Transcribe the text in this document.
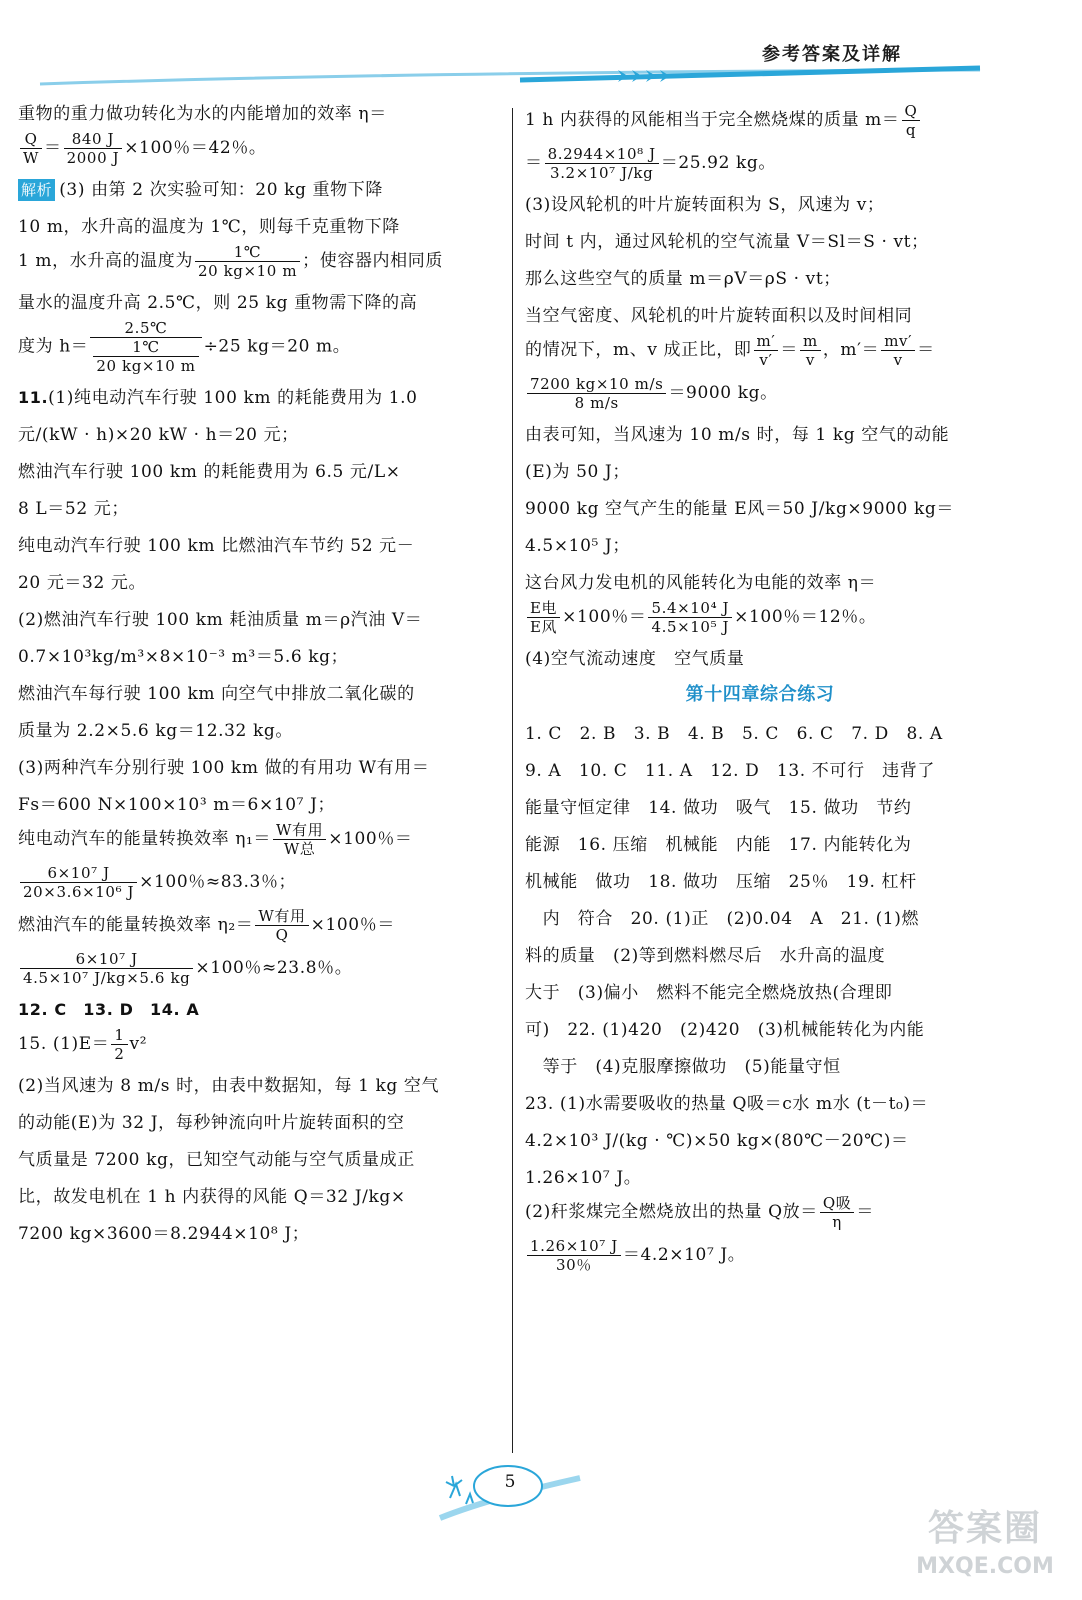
参考答案及详解

重物的重力做功转化为水的内能增加的效率 η＝

$\frac{Q}{W} = \frac{840 J}{2000 J} \times 100$％＝42％。

解析 (3) 由第 2 次实验可知：20 kg 重物下降

10 m，水升高的温度为 1℃，则每千克重物下降

1 m，水升高的温度为 $\frac{1℃}{20 kg\times 10 m}$ ；使容器内相同质

量水的温度升高 2.5℃，则 25 kg 重物需下降的高

度为 $h= \frac{2.5℃}{\frac{1℃}{20 kg\times 10 m}} \div 25$ kg＝20 m。

11.(1)纯电动汽车行驶 100 km 的耗能费用为 1.0

元/(kW · h)×20 kW · h＝20 元；

燃油汽车行驶 100 km 的耗能费用为 6.5 元/L×

8 L＝52 元；

纯电动汽车行驶 100 km 比燃油汽车节约 52 元－

20 元＝32 元。

(2)燃油汽车行驶 100 km 耗油质量 m＝ρ汽油 V＝

0.7×10³kg/m³×8×10⁻³ m³＝5.6 kg；

燃油汽车每行驶 100 km 向空气中排放二氧化碳的

质量为 2.2×5.6 kg＝12.32 kg。

(3)两种汽车分别行驶 100 km 做的有用功 W有用＝

Fs＝600 N×100×10³ m＝6×10⁷ J；

纯电动汽车的能量转换效率 $\eta_1= \frac{\text{W有用}}{\text{W总}} \times 100$％＝

$\frac{\text{6×10⁷ J}}{\text{20×3.6×10⁶ J}} \times 100$％≈83.3％；

燃油汽车的能量转换效率 $\eta_2= \frac{\text{W有用}}{Q} \times 100$％＝

$\frac{\text{6×10⁷ J}}{\text{4.5×10⁷ J/kg×5.6 kg}} \times 100$％≈23.8％。

12. C　13. D　14. A

15. $(1)E= \frac{1}{2} v^2$

(2)当风速为 8 m/s 时，由表中数据知，每 1 kg 空气

的动能(E)为 32 J，每秒钟流向叶片旋转面积的空

气质量是 7200 kg，已知空气动能与空气质量成正

比，故发电机在 1 h 内获得的风能 Q＝32 J/kg×

7200 kg×3600＝8.2944×10⁸ J；

1 h 内获得的风能相当于完全燃烧煤的质量 $m= \frac{Q}{q}$

＝ $\frac{\text{8.2944×10⁸ J}}{\text{3.2×10⁷ J/kg}} =25.92$ kg。

(3)设风轮机的叶片旋转面积为 S，风速为 v；

时间 t 内，通过风轮机的空气流量 V＝Sl＝S · vt；

那么这些空气的质量 m＝ρV＝ρS · vt；

当空气密度、风轮机的叶片旋转面积以及时间相同

的情况下，m、v 成正比，即 $\frac{m'}{v'} = \frac{m}{v}$ ，$m'= \frac{mv'}{v}$ ＝

$\frac{7200 kg\times 10 m/s}{8 m/s} =9000$ kg。

由表可知，当风速为 10 m/s 时，每 1 kg 空气的动能

(E)为 50 J；

9000 kg 空气产生的能量 E风＝50 J/kg×9000 kg＝

4.5×10⁵ J；

这台风力发电机的风能转化为电能的效率 η＝

$\frac{\text{E电}}{\text{E风}} \times 100$％＝ $\frac{\text{5.4×10⁴ J}}{\text{4.5×10⁵ J}} \times 100$％＝12％。

(4)空气流动速度　空气质量

第十四章综合练习

1. C　2. B　3. B　4. B　5. C　6. C　7. D　8. A

9. A　10. C　11. A　12. D　13. 不可行　违背了

能量守恒定律　14. 做功　吸气　15. 做功　节约

能源　16. 压缩　机械能　内能　17. 内能转化为

机械能　做功　18. 做功　压缩　25％　19. 杠杆

　内　符合　20. (1)正　(2)0.04　A　21. (1)燃

料的质量　(2)等到燃料燃尽后　水升高的温度

大于　(3)偏小　燃料不能完全燃烧放热(合理即

可)　22. (1)420　(2)420　(3)机械能转化为内能

　等于　(4)克服摩擦做功　(5)能量守恒

23. (1)水需要吸收的热量 Q吸＝c水 m水 (t－t₀)＝

4.2×10³ J/(kg · ℃)×50 kg×(80℃－20℃)＝

1.26×10⁷ J。

(2)秆浆煤完全燃烧放出的热量 Q放＝ $\frac{\text{Q吸}}{\eta}$ ＝

$\frac{\text{1.26×10⁷ J}}{30\%} =4.2\times 10^7$ J。

5
答案圈
MXQE.COM
